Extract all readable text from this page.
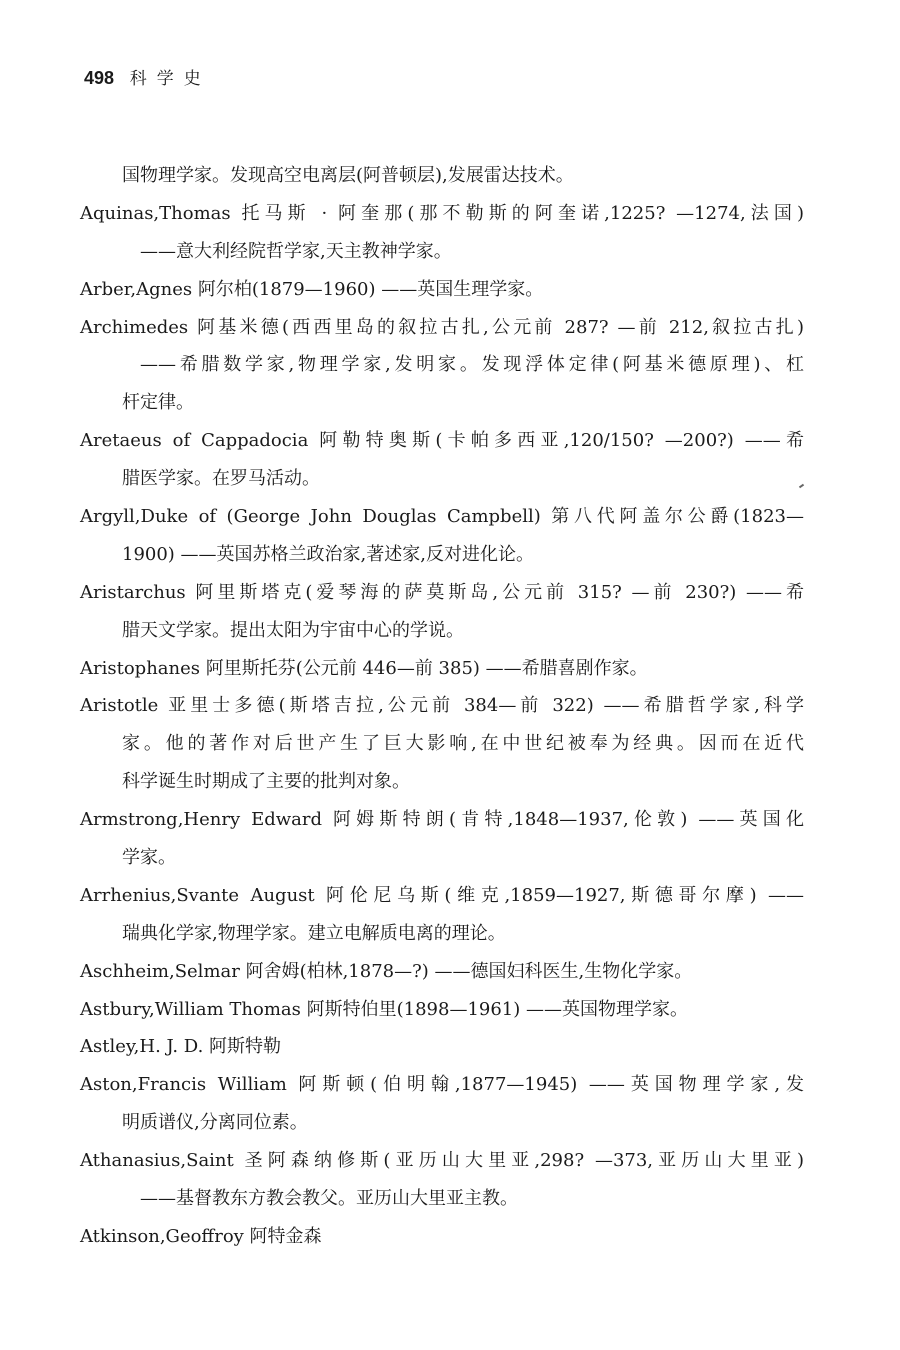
498 科学史
国物理学家。发现高空电离层(阿普顿层),发展雷达技术。
Aquinas,Thomas 托马斯 · 阿奎那(那不勒斯的阿奎诺,1225? —1274,法国)
——意大利经院哲学家,天主教神学家。
Arber,Agnes 阿尔柏(1879—1960) ——英国生理学家。
Archimedes 阿基米德(西西里岛的叙拉古扎,公元前 287? —前 212,叙拉古扎)
——希腊数学家,物理学家,发明家。发现浮体定律(阿基米德原理)、杠
杆定律。
Aretaeus of Cappadocia 阿勒特奥斯(卡帕多西亚,120/150? —200?) ——希
腊医学家。在罗马活动。
Argyll,Duke of (George John Douglas Campbell) 第八代阿盖尔公爵(1823—
1900) ——英国苏格兰政治家,著述家,反对进化论。
Aristarchus 阿里斯塔克(爱琴海的萨莫斯岛,公元前 315? —前 230?) ——希
腊天文学家。提出太阳为宇宙中心的学说。
Aristophanes 阿里斯托芬(公元前 446—前 385) ——希腊喜剧作家。
Aristotle 亚里士多德(斯塔吉拉,公元前 384—前 322) ——希腊哲学家,科学
家。他的著作对后世产生了巨大影响,在中世纪被奉为经典。因而在近代
科学诞生时期成了主要的批判对象。
Armstrong,Henry Edward 阿姆斯特朗(肯特,1848—1937,伦敦) ——英国化
学家。
Arrhenius,Svante August 阿伦尼乌斯(维克,1859—1927,斯德哥尔摩) ——
瑞典化学家,物理学家。建立电解质电离的理论。
Aschheim,Selmar 阿舍姆(柏林,1878—?) ——德国妇科医生,生物化学家。
Astbury,William Thomas 阿斯特伯里(1898—1961) ——英国物理学家。
Astley,H. J. D. 阿斯特勒
Aston,Francis William 阿斯顿(伯明翰,1877—1945) ——英国物理学家,发
明质谱仪,分离同位素。
Athanasius,Saint 圣阿森纳修斯(亚历山大里亚,298? —373,亚历山大里亚)
——基督教东方教会教父。亚历山大里亚主教。
Atkinson,Geoffroy 阿特金森
